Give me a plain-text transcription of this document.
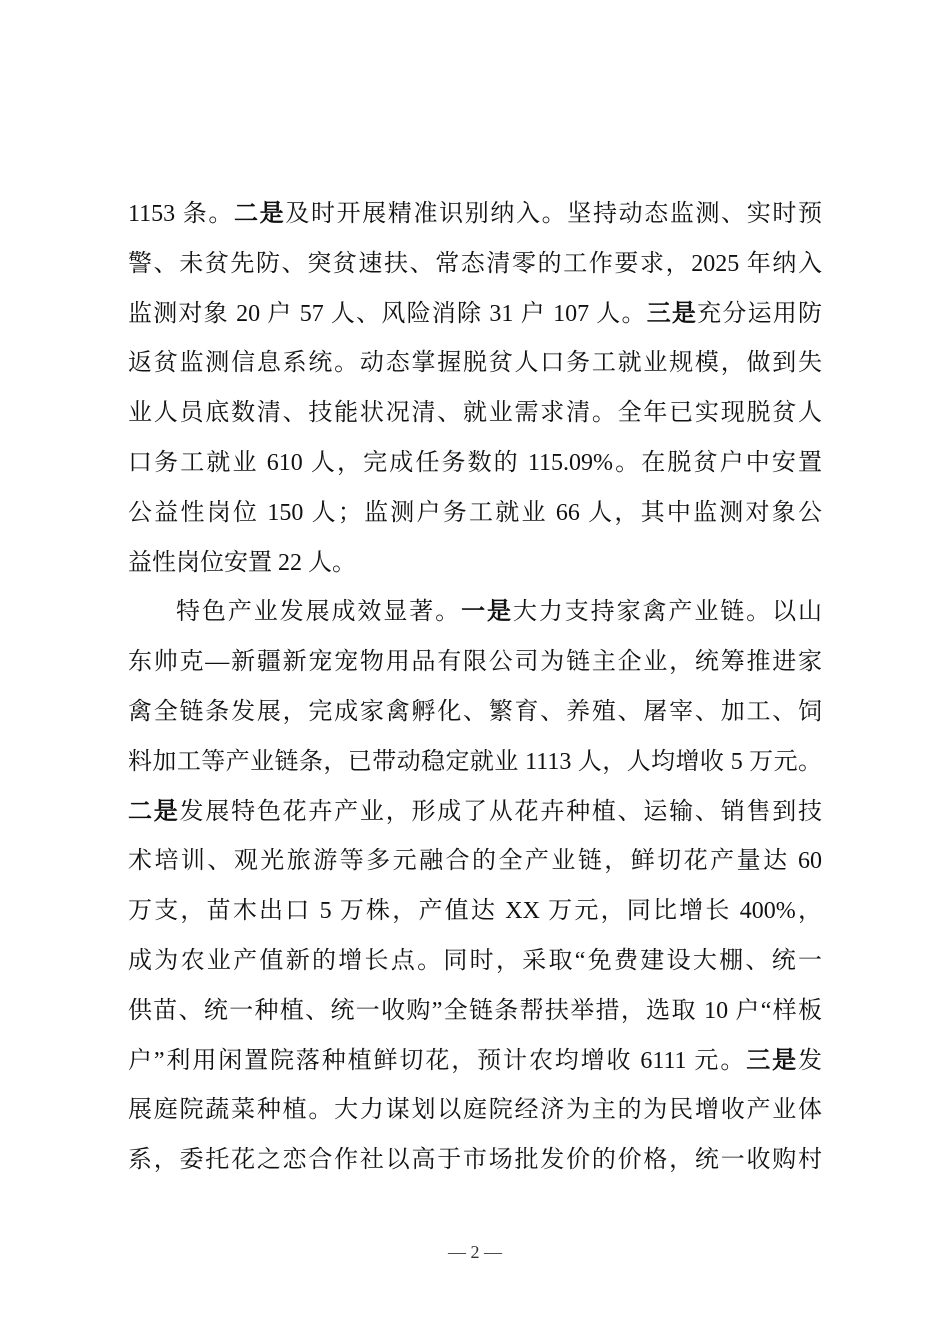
1153 条。二是及时开展精准识别纳入。坚持动态监测、实时预
警、未贫先防、突贫速扶、常态清零的工作要求，2025 年纳入
监测对象 20 户 57 人、风险消除 31 户 107 人。三是充分运用防
返贫监测信息系统。动态掌握脱贫人口务工就业规模，做到失
业人员底数清、技能状况清、就业需求清。全年已实现脱贫人
口务工就业 610 人，完成任务数的 115.09%。在脱贫户中安置
公益性岗位 150 人；监测户务工就业 66 人，其中监测对象公
益性岗位安置 22 人。
特色产业发展成效显著。一是大力支持家禽产业链。以山
东帅克—新疆新宠宠物用品有限公司为链主企业，统筹推进家
禽全链条发展，完成家禽孵化、繁育、养殖、屠宰、加工、饲
料加工等产业链条，已带动稳定就业 1113 人，人均增收 5 万元。
二是发展特色花卉产业，形成了从花卉种植、运输、销售到技
术培训、观光旅游等多元融合的全产业链，鲜切花产量达 60
万支，苗木出口 5 万株，产值达 XX 万元，同比增长 400%，
成为农业产值新的增长点。同时，采取“免费建设大棚、统一
供苗、统一种植、统一收购”全链条帮扶举措，选取 10 户“样板
户”利用闲置院落种植鲜切花，预计农均增收 6111 元。三是发
展庭院蔬菜种植。大力谋划以庭院经济为主的为民增收产业体
系，委托花之恋合作社以高于市场批发价的价格，统一收购村
— 2 —
